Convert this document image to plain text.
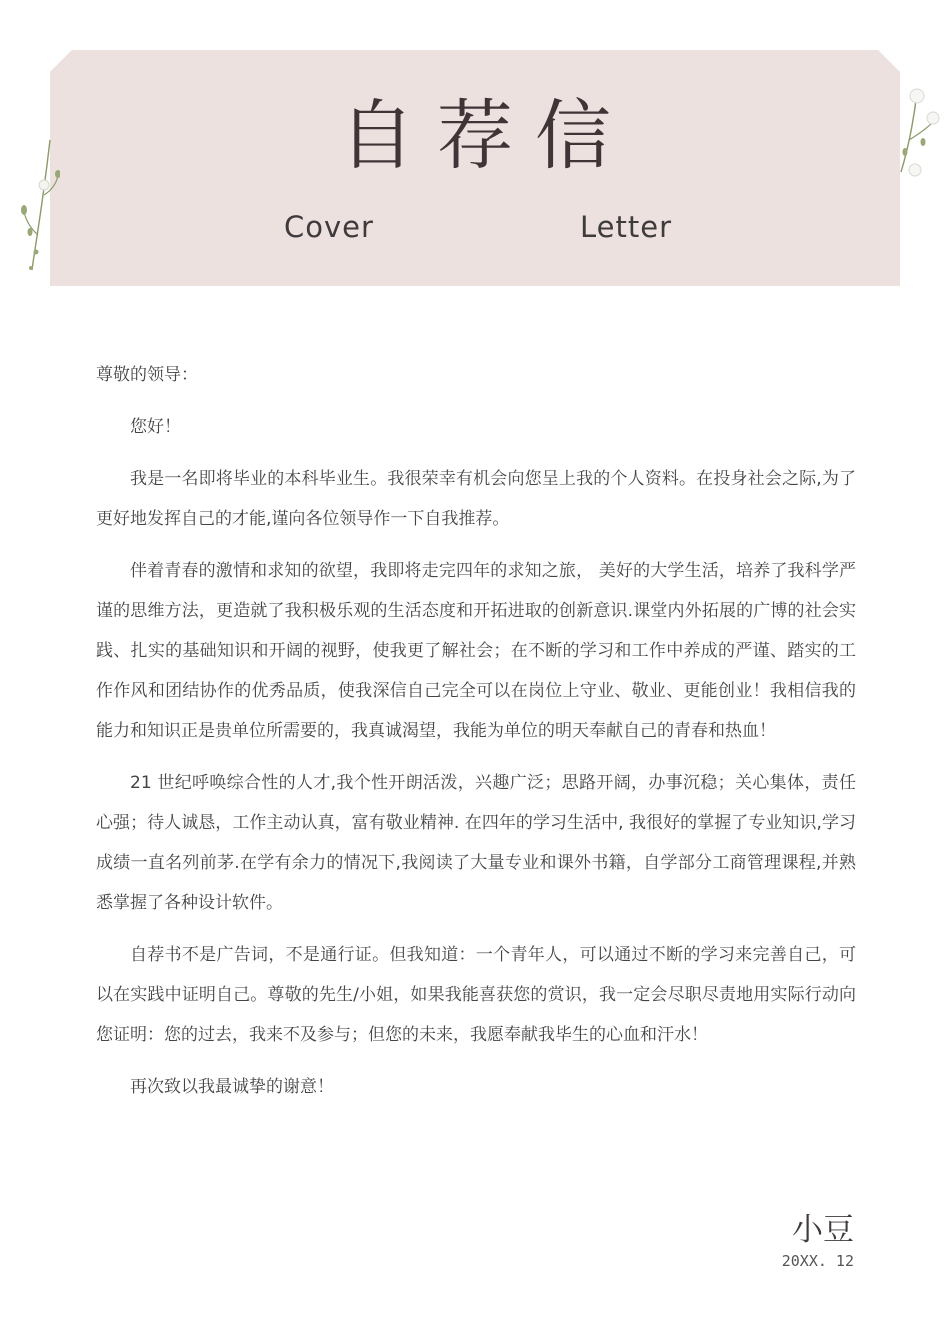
自荐信
Cover	Letter

尊敬的领导：

您好！

我是一名即将毕业的本科毕业生。我很荣幸有机会向您呈上我的个人资料。在投身社会之际,为了更好地发挥自己的才能,谨向各位领导作一下自我推荐。

伴着青春的激情和求知的欲望，我即将走完四年的求知之旅， 美好的大学生活，培养了我科学严谨的思维方法，更造就了我积极乐观的生活态度和开拓进取的创新意识.课堂内外拓展的广博的社会实践、扎实的基础知识和开阔的视野，使我更了解社会；在不断的学习和工作中养成的严谨、踏实的工作作风和团结协作的优秀品质，使我深信自己完全可以在岗位上守业、敬业、更能创业！我相信我的能力和知识正是贵单位所需要的，我真诚渴望，我能为单位的明天奉献自己的青春和热血！

21 世纪呼唤综合性的人才,我个性开朗活泼，兴趣广泛；思路开阔，办事沉稳；关心集体，责任心强；待人诚恳，工作主动认真，富有敬业精神. 在四年的学习生活中, 我很好的掌握了专业知识,学习成绩一直名列前茅.在学有余力的情况下,我阅读了大量专业和课外书籍，自学部分工商管理课程,并熟悉掌握了各种设计软件。

自荐书不是广告词，不是通行证。但我知道：一个青年人，可以通过不断的学习来完善自己，可以在实践中证明自己。尊敬的先生/小姐，如果我能喜获您的赏识，我一定会尽职尽责地用实际行动向您证明：您的过去，我来不及参与；但您的未来，我愿奉献我毕生的心血和汗水！

再次致以我最诚挚的谢意！

小豆
20XX. 12
